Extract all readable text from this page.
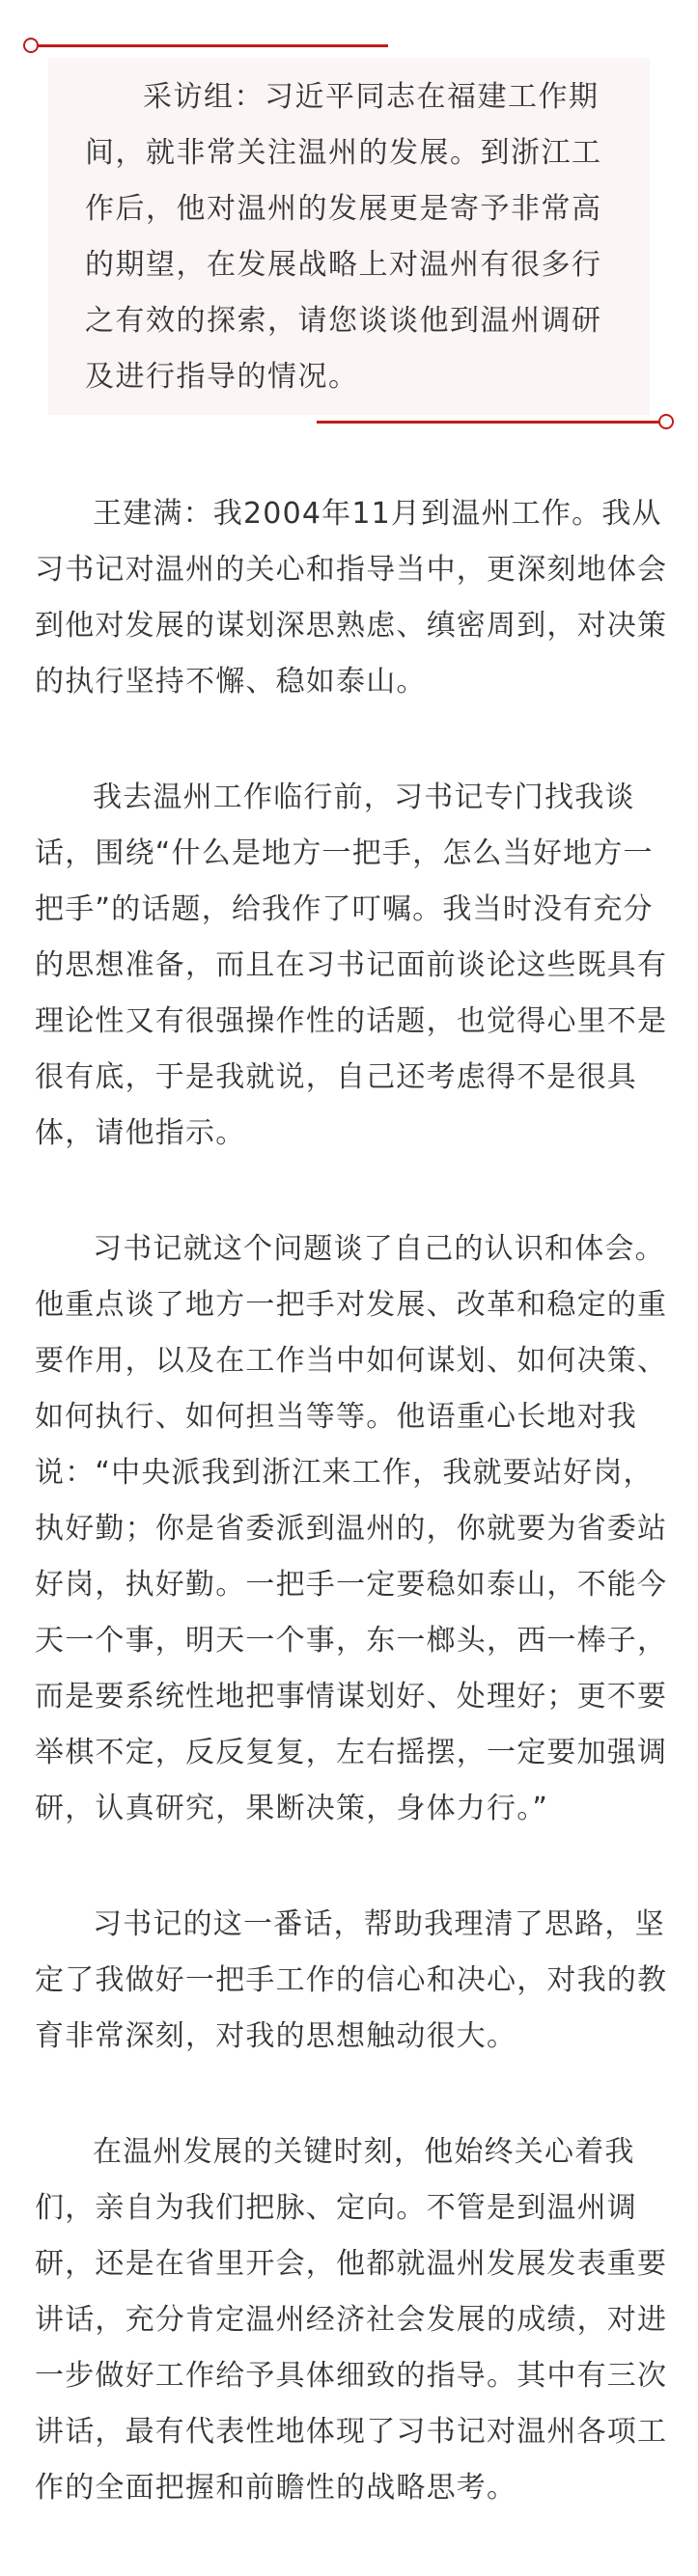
采访组：习近平同志在福建工作期间，就非常关注温州的发展。到浙江工作后，他对温州的发展更是寄予非常高的期望，在发展战略上对温州有很多行之有效的探索，请您谈谈他到温州调研及进行指导的情况。

王建满：我2004年11月到温州工作。我从习书记对温州的关心和指导当中，更深刻地体会到他对发展的谋划深思熟虑、缜密周到，对决策的执行坚持不懈、稳如泰山。

我去温州工作临行前，习书记专门找我谈话，围绕“什么是地方一把手，怎么当好地方一把手”的话题，给我作了叮嘱。我当时没有充分的思想准备，而且在习书记面前谈论这些既具有理论性又有很强操作性的话题，也觉得心里不是很有底，于是我就说，自己还考虑得不是很具体，请他指示。

习书记就这个问题谈了自己的认识和体会。他重点谈了地方一把手对发展、改革和稳定的重要作用，以及在工作当中如何谋划、如何决策、如何执行、如何担当等等。他语重心长地对我说：“中央派我到浙江来工作，我就要站好岗，执好勤；你是省委派到温州的，你就要为省委站好岗，执好勤。一把手一定要稳如泰山，不能今天一个事，明天一个事，东一榔头，西一棒子，而是要系统性地把事情谋划好、处理好；更不要举棋不定，反反复复，左右摇摆，一定要加强调研，认真研究，果断决策，身体力行。”

习书记的这一番话，帮助我理清了思路，坚定了我做好一把手工作的信心和决心，对我的教育非常深刻，对我的思想触动很大。

在温州发展的关键时刻，他始终关心着我们，亲自为我们把脉、定向。不管是到温州调研，还是在省里开会，他都就温州发展发表重要讲话，充分肯定温州经济社会发展的成绩，对进一步做好工作给予具体细致的指导。其中有三次讲话，最有代表性地体现了习书记对温州各项工作的全面把握和前瞻性的战略思考。
